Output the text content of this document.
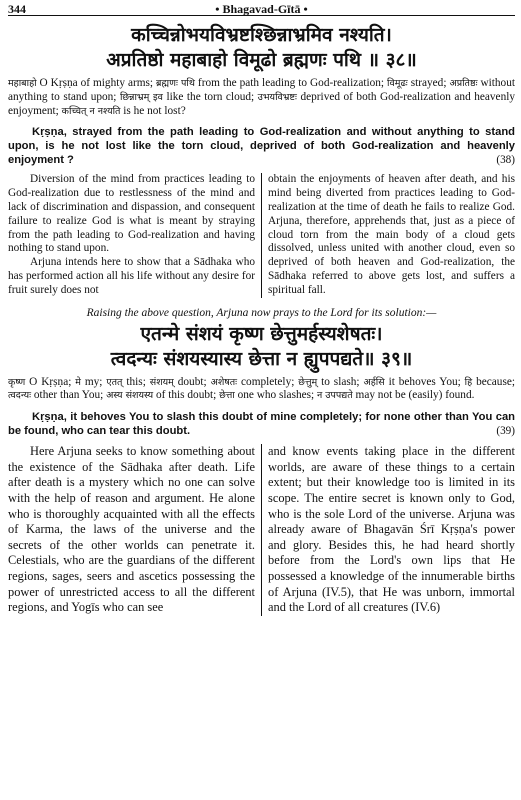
344	• Bhagavad-Gītā •
कच्चिन्नोभयविभ्रष्टश्छिन्नाभ्रमिव नश्यति।
अप्रतिष्ठो महाबाहो विमूढो ब्रह्मणः पथि ॥ ३८॥

महाबाहो O Kṛṣṇa of mighty arms; ब्रह्मणः पथि from the path leading to God-realization; विमूढः strayed; अप्रतिष्ठः without anything to stand upon; छिन्नाभ्रम् इव like the torn cloud; उभयविभ्रष्टः deprived of both God-realization and heavenly enjoyment; कच्चित् न नश्यति is he not lost?

Kṛṣṇa, strayed from the path leading to God-realization and without anything to stand upon, is he not lost like the torn cloud, deprived of both God-realization and heavenly enjoyment ?	(38)

Diversion of the mind from practices leading to God-realization due to restlessness of the mind and lack of discrimination and dispassion, and consequent failure to realize God is what is meant by straying from the path leading to God-realization and having nothing to stand upon.

Arjuna intends here to show that a Sādhaka who has performed action all his life without any desire for fruit surely does not

obtain the enjoyments of heaven after death, and his mind being diverted from practices leading to God-realization at the time of death he fails to realize God. Arjuna, therefore, apprehends that, just as a piece of cloud torn from the main body of a cloud gets dissolved, unless united with another cloud, even so deprived of both heaven and God-realization, the Sādhaka referred to above gets lost, and suffers a spiritual fall.

Raising the above question, Arjuna now prays to the Lord for its solution:—
एतन्मे संशयं कृष्ण छेत्तुमर्हस्यशेषतः।
त्वदन्यः संशयस्यास्य छेत्ता न ह्युपपद्यते॥ ३९॥

कृष्ण O Kṛṣṇa; मे my; एतत् this; संशयम् doubt; अशेषतः completely; छेत्तुम् to slash; अर्हसि it behoves You; हि because; त्वदन्यः other than You; अस्य संशयस्य of this doubt; छेत्ता one who slashes; न उपपद्यते may not be (easily) found.

Kṛṣṇa, it behoves You to slash this doubt of mine completely; for none other than You can be found, who can tear this doubt.	(39)

Here Arjuna seeks to know something about the existence of the Sādhaka after death. Life after death is a mystery which no one can solve with the help of reason and argument. He alone who is thoroughly acquainted with all the effects of Karma, the laws of the universe and the secrets of the other worlds can penetrate it. Celestials, who are the guardians of the different regions, sages, seers and ascetics possessing the power of unrestricted access to all the different regions, and Yogīs who can see

and know events taking place in the different worlds, are aware of these things to a certain extent; but their knowledge too is limited in its scope. The entire secret is known only to God, who is the sole Lord of the universe. Arjuna was already aware of Bhagavān Śrī Kṛṣṇa's power and glory. Besides this, he had heard shortly before from the Lord's own lips that He possessed a knowledge of the innumerable births of Arjuna (IV.5), that He was unborn, immortal and the Lord of all creatures (IV.6)
